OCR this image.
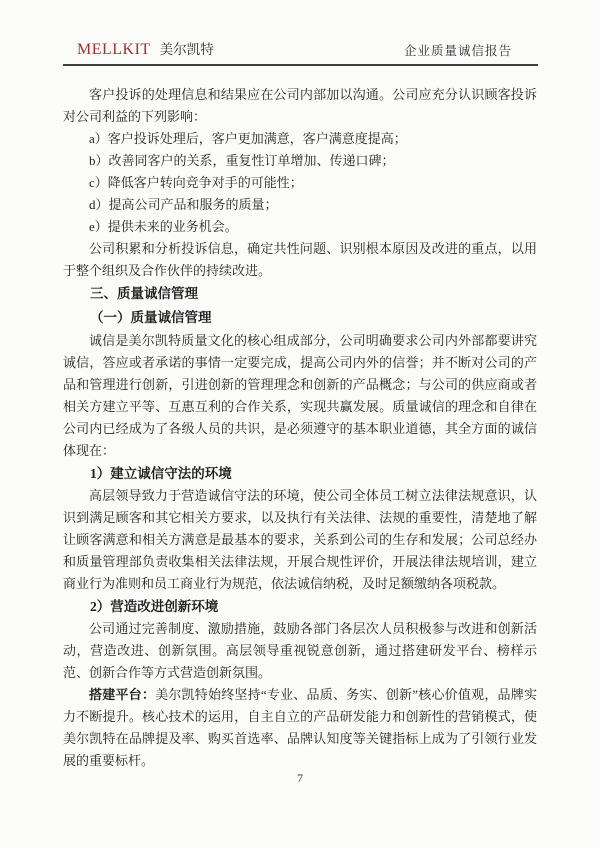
MELLKIT 美尔凯特	企业质量诚信报告

客户投诉的处理信息和结果应在公司内部加以沟通。公司应充分认识顾客投诉对公司利益的下列影响：

a）客户投诉处理后，客户更加满意，客户满意度提高；

b）改善同客户的关系，重复性订单增加、传递口碑；

c）降低客户转向竞争对手的可能性；

d）提高公司产品和服务的质量；

e）提供未来的业务机会。

公司积累和分析投诉信息，确定共性问题、识别根本原因及改进的重点，以用于整个组织及合作伙伴的持续改进。

三、质量诚信管理

（一）质量诚信管理

诚信是美尔凯特质量文化的核心组成部分，公司明确要求公司内外部都要讲究诚信，答应或者承诺的事情一定要完成，提高公司内外的信誉；并不断对公司的产品和管理进行创新，引进创新的管理理念和创新的产品概念；与公司的供应商或者相关方建立平等、互惠互利的合作关系，实现共赢发展。质量诚信的理念和自律在公司内已经成为了各级人员的共识，是必须遵守的基本职业道德，其全方面的诚信体现在：

1）建立诚信守法的环境

高层领导致力于营造诚信守法的环境，使公司全体员工树立法律法规意识，认识到满足顾客和其它相关方要求，以及执行有关法律、法规的重要性，清楚地了解让顾客满意和相关方满意是最基本的要求，关系到公司的生存和发展；公司总经办和质量管理部负责收集相关法律法规，开展合规性评价，开展法律法规培训，建立商业行为准则和员工商业行为规范，依法诚信纳税，及时足额缴纳各项税款。

2）营造改进创新环境

公司通过完善制度、激励措施，鼓励各部门各层次人员积极参与改进和创新活动，营造改进、创新氛围。高层领导重视锐意创新，通过搭建研发平台、榜样示范、创新合作等方式营造创新氛围。

搭建平台：美尔凯特始终坚持“专业、品质、务实、创新”核心价值观，品牌实力不断提升。核心技术的运用，自主自立的产品研发能力和创新性的营销模式，使美尔凯特在品牌提及率、购买首选率、品牌认知度等关键指标上成为了引领行业发展的重要标杆。

7
